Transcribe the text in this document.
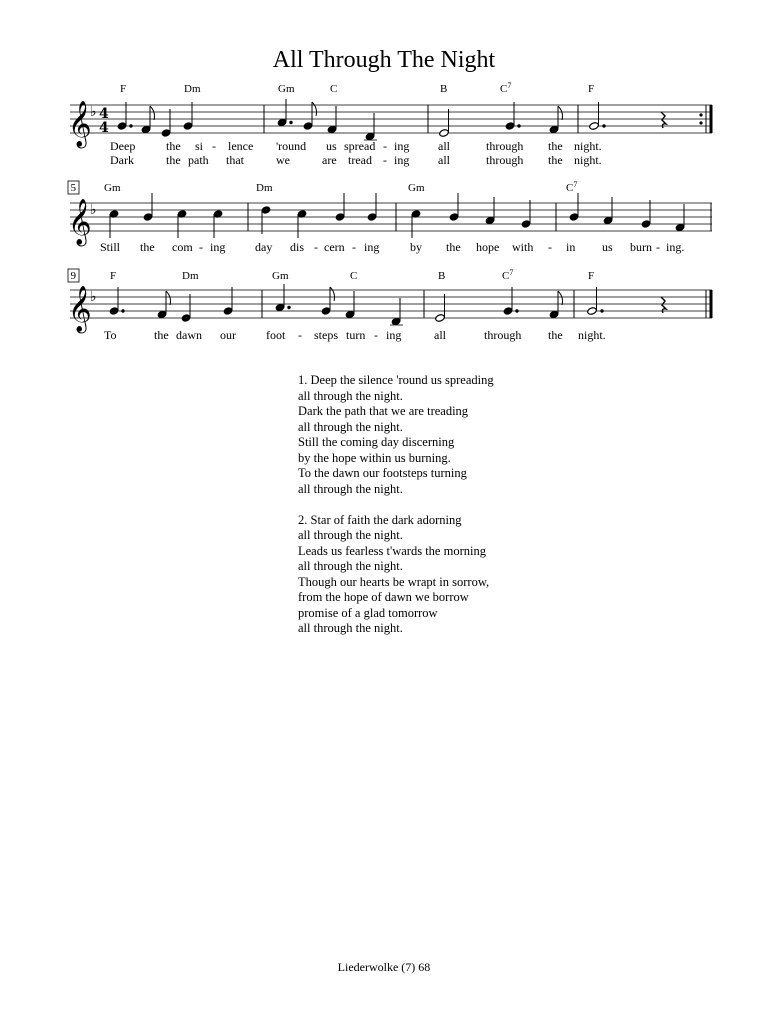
All Through The Night
𝄞
♭ 4
4
F	Dm	Gm	C	B	$C^7$	F
Deep	the si - lence 'round us spread - ing all	through the night.
Dark	the path that	we	are tread - ing all	through the night.
5
𝄞
♭
Gm	Dm	Gm	$C^7$
Still the com - ing day dis - cern - ing	by the hope with - in us burn - ing.
9
𝄞
♭
F	Dm	Gm	C	B	$C^7$	F
To	the dawn our	foot - steps turn - ing	all	through the night.

1. Deep the silence 'round us spreading
all through the night.
Dark the path that we are treading
all through the night.
Still the coming day discerning
by the hope within us burning.
To the dawn our footsteps turning
all through the night.

2. Star of faith the dark adorning
all through the night.
Leads us fearless t'wards the morning
all through the night.
Though our hearts be wrapt in sorrow,
from the hope of dawn we borrow
promise of a glad tomorrow
all through the night.

Liederwolke (7) 68
